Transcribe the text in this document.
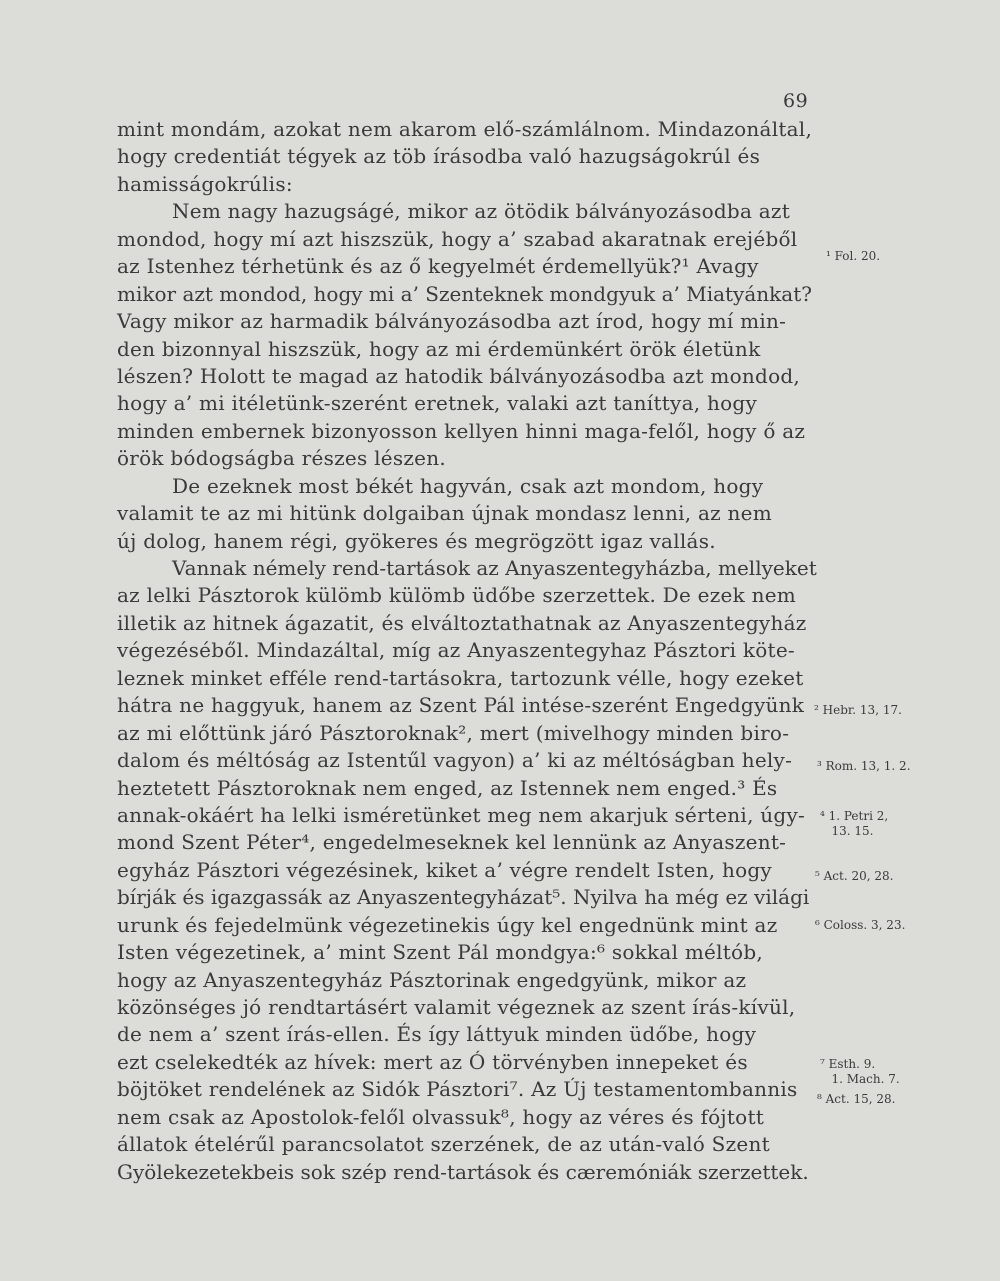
69
mint mondám, azokat nem akarom elő-számlálnom. Mindazonáltal,
hogy credentiát tégyek az töb írásodba való hazugságokrúl és
hamisságokrúlis:
Nem nagy hazugságé, mikor az ötödik bálványozásodba azt
mondod, hogy mí azt hiszszük, hogy a’ szabad akaratnak erejéből
az Istenhez térhetünk és az ő kegyelmét érdemellyük?¹ Avagy
mikor azt mondod, hogy mi a’ Szenteknek mondgyuk a’ Miatyánkat?
Vagy mikor az harmadik bálványozásodba azt írod, hogy mí min-
den bizonnyal hiszszük, hogy az mi érdemünkért örök életünk
lészen? Holott te magad az hatodik bálványozásodba azt mondod,
hogy a’ mi itéletünk-szerént eretnek, valaki azt taníttya, hogy
minden embernek bizonyosson kellyen hinni maga-felől, hogy ő az
örök bódogságba részes lészen.
De ezeknek most békét hagyván, csak azt mondom, hogy
valamit te az mi hitünk dolgaiban újnak mondasz lenni, az nem
új dolog, hanem régi, gyökeres és megrögzött igaz vallás.
Vannak némely rend-tartások az Anyaszentegyházba, mellyeket
az lelki Pásztorok külömb külömb üdőbe szerzettek. De ezek nem
illetik az hitnek ágazatit, és elváltoztathatnak az Anyaszentegyház
végezéséből. Mindazáltal, míg az Anyaszentegyhaz Pásztori köte-
leznek minket efféle rend-tartásokra, tartozunk vélle, hogy ezeket
hátra ne haggyuk, hanem az Szent Pál intése-szerént Engedgyünk
az mi előttünk járó Pásztoroknak², mert (mivelhogy minden biro-
dalom és méltóság az Istentűl vagyon) a’ ki az méltóságban hely-
heztetett Pásztoroknak nem enged, az Istennek nem enged.³ És
annak-okáért ha lelki isméretünket meg nem akarjuk sérteni, úgy-
mond Szent Péter⁴, engedelmeseknek kel lennünk az Anyaszent-
egyház Pásztori végezésinek, kiket a’ végre rendelt Isten, hogy
bírják és igazgassák az Anyaszentegyházat⁵. Nyilva ha még ez világi
urunk és fejedelmünk végezetinekis úgy kel engednünk mint az
Isten végezetinek, a’ mint Szent Pál mondgya:⁶ sokkal méltób,
hogy az Anyaszentegyház Pásztorinak engedgyünk, mikor az
közönséges jó rendtartásért valamit végeznek az szent írás-kívül,
de nem a’ szent írás-ellen. És így láttyuk minden üdőbe, hogy
ezt cselekedték az hívek: mert az Ó törvényben innepeket és
böjtöket rendelének az Sidók Pásztori⁷. Az Új testamentombannis
nem csak az Apostolok-felől olvassuk⁸, hogy az véres és fójtott
állatok ételérűl parancsolatot szerzének, de az után-való Szent
Gyölekezetekbeis sok szép rend-tartások és cæremóniák szerzettek.
¹ Fol. 20.
² Hebr. 13, 17.
³ Rom. 13, 1. 2.
⁴ 1. Petri 2,
13. 15.
⁵ Act. 20, 28.
⁶ Coloss. 3, 23.
⁷ Esth. 9.
1. Mach. 7.
⁸ Act. 15, 28.
